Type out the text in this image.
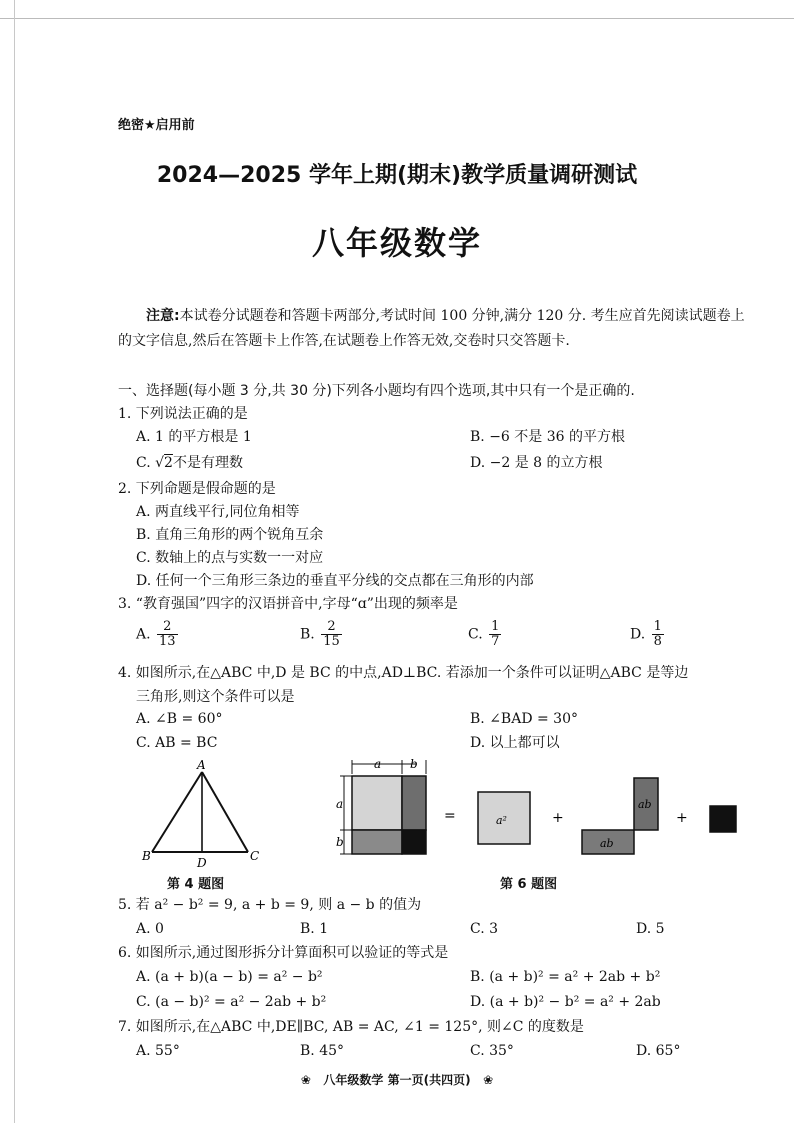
绝密★启用前
2024—2025 学年上期(期末)教学质量调研测试
八年级数学
注意:本试卷分试题卷和答题卡两部分,考试时间 100 分钟,满分 120 分. 考生应首先阅读试题卷上的文字信息,然后在答题卡上作答,在试题卷上作答无效,交卷时只交答题卡.
一、选择题(每小题 3 分,共 30 分)下列各小题均有四个选项,其中只有一个是正确的.
1. 下列说法正确的是
A. 1 的平方根是 1	B. −6 不是 36 的平方根
C. √2不是有理数	D. −2 是 8 的立方根
2. 下列命题是假命题的是
A. 两直线平行,同位角相等
B. 直角三角形的两个锐角互余
C. 数轴上的点与实数一一对应
D. 任何一个三角形三条边的垂直平分线的交点都在三角形的内部
3. “教育强国”四字的汉语拼音中,字母“ɑ”出现的频率是
A. $\frac{2}{13}$	B. $\frac{2}{15}$	C. $\frac{1}{7}$	D. $\frac{1}{8}$
4. 如图所示,在△ABC 中,D 是 BC 的中点,AD⊥BC. 若添加一个条件可以证明△ABC 是等边
三角形,则这个条件可以是
A. ∠B = 60°	B. ∠BAD = 30°
C. AB = BC	D. 以上都可以
A
B	C
D
第 4 题图
a b
a
b
=	a²	+
ab
ab
+
第 6 题图
5. 若 a² − b² = 9, a + b = 9, 则 a − b 的值为
A. 0	B. 1	C. 3	D. 5
6. 如图所示,通过图形拆分计算面积可以验证的等式是
A. (a + b)(a − b) = a² − b²	B. (a + b)² = a² + 2ab + b²
C. (a − b)² = a² − 2ab + b²	D. (a + b)² − b² = a² + 2ab
7. 如图所示,在△ABC 中,DE∥BC, AB = AC, ∠1 = 125°, 则∠C 的度数是
A. 55°	B. 45°	C. 35°	D. 65°
❀ 八年级数学 第一页(共四页) ❀
